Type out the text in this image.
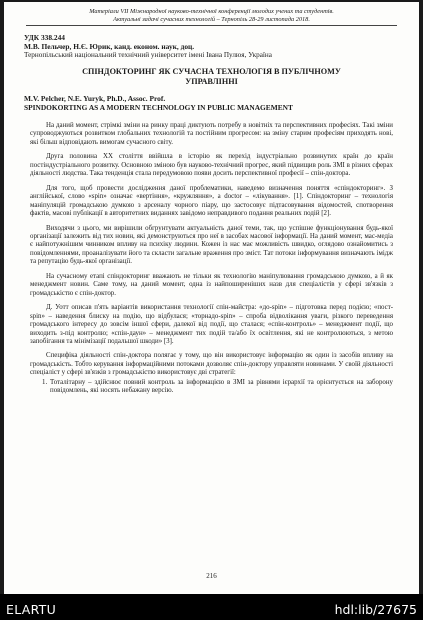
Матеріали VII Міжнародної науково-технічної конференції молодих учених та студентів.
Актуальні задачі сучасних технологій – Тернопіль 28-29 листопада 2018.
УДК 338.244
М.В. Пельчер, Н.Є. Юрик, канд. економ. наук, доц.
Тернопільський національний технічний університет імені Івана Пулюя, Україна
СПІНДОКТОРИНГ ЯК СУЧАСНА ТЕХНОЛОГІЯ В ПУБЛІЧНОМУ УПРАВЛІННІ
M.V. Pelcher, N.E. Yuryk, Ph.D., Assoc. Prof.
SPINDOKORTING AS A MODERN TECHNOLOGY IN PUBLIC MANAGEMENT
На даний момент, стрімкі зміни на ринку праці диктують потребу в новітніх та перспективних професіях. Такі зміни супроводжуються розвитком глобальних технологій та постійним прогресом: на зміну старим професіям приходять нові, які більш відповідають вимогам сучасного світу.
Друга половина ХХ століття ввійшла в історію як перехід індустріально розвинутих країн до країн постіндустріального розвитку. Основною зміною був науково-технічний прогрес, який підвищив роль ЗМІ в різних сферах діяльності людства. Така тенденція стала передумовою появи досить перспективної професії – спін-доктора.
Для того, щоб провести дослідження даної проблематики, наведемо визначення поняття «спіндокторинг». З англійської, слово «spin» означає «вертіння», «кружляння», а doctor – «лікування». [1]. Спіндокторинг – технологія маніпуляцій громадською думкою з арсеналу чорного піару, що застосовує підтасовування відомостей, спотворення фактів, масові публікації в авторитетних виданнях завідомо неправдивого подання реальних подій [2].
Виходячи з цього, ми вирішили обгрунтувати актуальність даної теми, так, що успішне функціонування будь-якої організації залежить від тих новин, які демонструються про неї в засобах масової інформації. На даний момент, мас-медіа є найпотужнішим чинником впливу на психіку людини. Кожен із нас має можливість швидко, оглядово ознайомитись з повідомленнями, проаналізувати його та скласти загальне враження про зміст. Тат потоки інформування визначають імідж та репутацію будь-якої організації.
На сучасному етапі спіндокторинг вважають не тільки як технологію маніпулювання громадською думкою, а й як менеджмент новин. Саме тому, на даний момент, одна із найпоширеніших назв для спеціалістів у сфері зв'язків з громадськістю є спін-доктор.
Д. Уотт описав п'ять варіантів використання технології спін-майстра: «до-spin» – підготовка перед подією; «пост-spin» – наведення блиску на подію, що відбулася; «торнадо-spin» – спроба відволікання уваги, різкого переведення громадського інтересу до зовсім іншої сфери, далекої від події, що сталася; «спін-контроль» – менеджмент події, що виходить з-під контролю; «спін-даун» – менеджмент тих подій та/або їх освітлення, які не контролюються, з метою запобігання та мінімізації подальшої шкоди» [3].
Специфіка діяльності спін-доктора полягає у тому, що він використовує інформацію як один із засобів впливу на громадськість. Тобто керування інформаційними потоками дозволяє спін-доктору управляти новинами. У своїй діяльності спеціаліст у сфері зв'язків з громадськістю використовує дві стратегії:
1. Тоталітарну – здійснює повний контроль за інформацією в ЗМІ за рівнями ієрархії та орієнтується на заборону повідомлень, які носять небажану версію.
216
ELARTU	hdl:lib/27675
